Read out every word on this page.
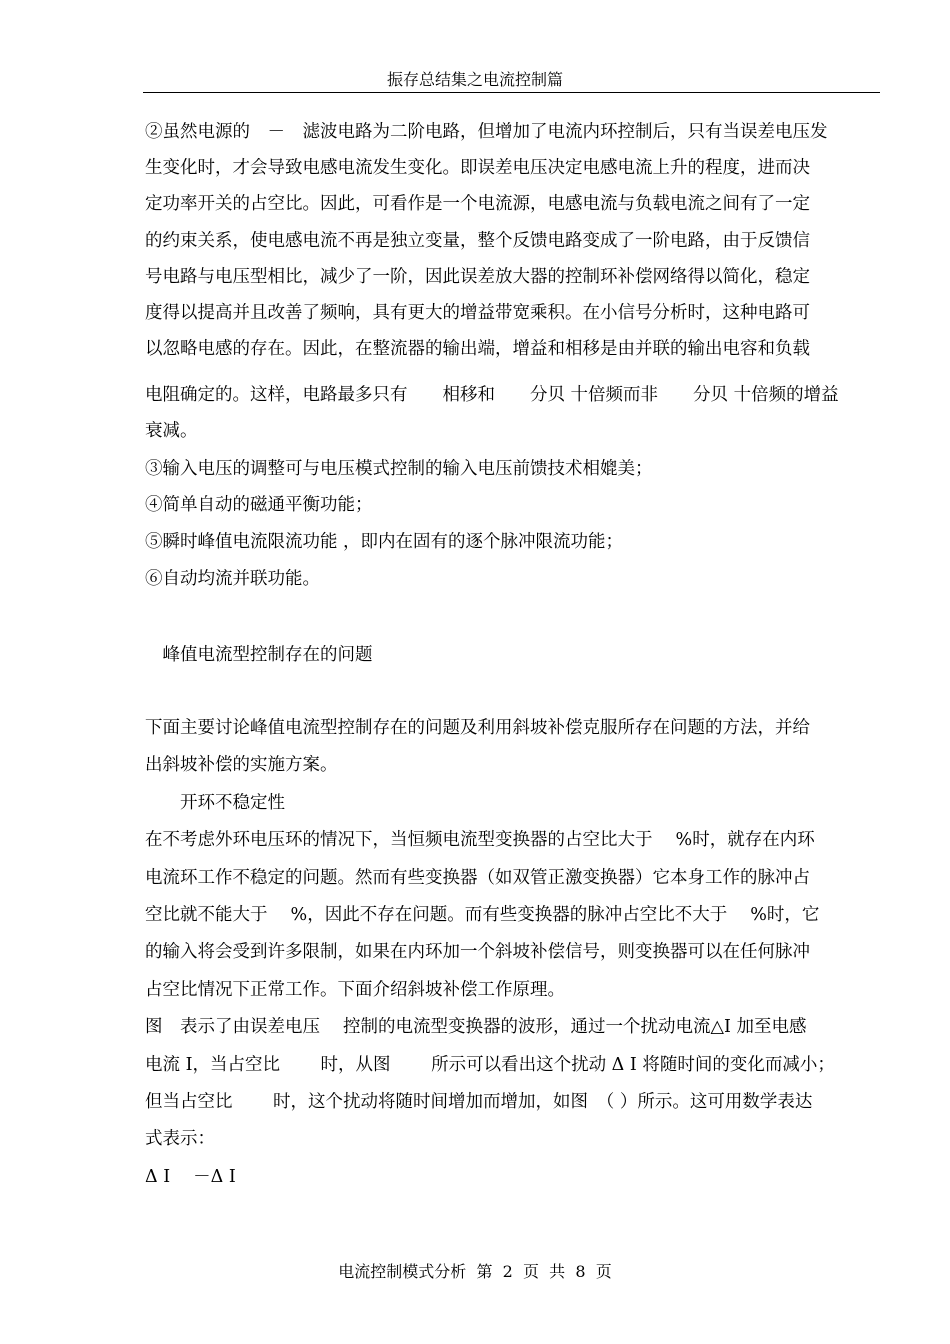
振存总结集之电流控制篇
②虽然电源的　－　滤波电路为二阶电路，但增加了电流内环控制后，只有当误差电压发
生变化时，才会导致电感电流发生变化。即误差电压决定电感电流上升的程度，进而决
定功率开关的占空比。因此，可看作是一个电流源，电感电流与负载电流之间有了一定
的约束关系，使电感电流不再是独立变量，整个反馈电路变成了一阶电路，由于反馈信
号电路与电压型相比，减少了一阶，因此误差放大器的控制环补偿网络得以简化，稳定
度得以提高并且改善了频响，具有更大的增益带宽乘积。在小信号分析时，这种电路可
以忽略电感的存在。因此，在整流器的输出端，增益和相移是由并联的输出电容和负载
电阻确定的。这样，电路最多只有　　相移和　　分贝 十倍频而非　　分贝 十倍频的增益
衰减。
③输入电压的调整可与电压模式控制的输入电压前馈技术相媲美；
④简单自动的磁通平衡功能；
⑤瞬时峰值电流限流功能 ，即内在固有的逐个脉冲限流功能；
⑥自动均流并联功能。
　峰值电流型控制存在的问题
下面主要讨论峰值电流型控制存在的问题及利用斜坡补偿克服所存在问题的方法，并给
出斜坡补偿的实施方案。
　　开环不稳定性
在不考虑外环电压环的情况下，当恒频电流型变换器的占空比大于　 %时，就存在内环
电流环工作不稳定的问题。然而有些变换器（如双管正激变换器）它本身工作的脉冲占
空比就不能大于　 %，因此不存在问题。而有些变换器的脉冲占空比不大于　 %时，它
的输入将会受到许多限制，如果在内环加一个斜坡补偿信号，则变换器可以在任何脉冲
占空比情况下正常工作。下面介绍斜坡补偿工作原理。
图　表示了由误差电压　 控制的电流型变换器的波形，通过一个扰动电流△I 加至电感
电流 I，当占空比　　 时，从图　　 所示可以看出这个扰动 Δ I 将随时间的变化而减小；
但当占空比　　 时，这个扰动将随时间增加而增加，如图　（ ）所示。这可用数学表达
式表示：
Δ I　 －Δ I
电流控制模式分析  第  2  页  共  8  页
